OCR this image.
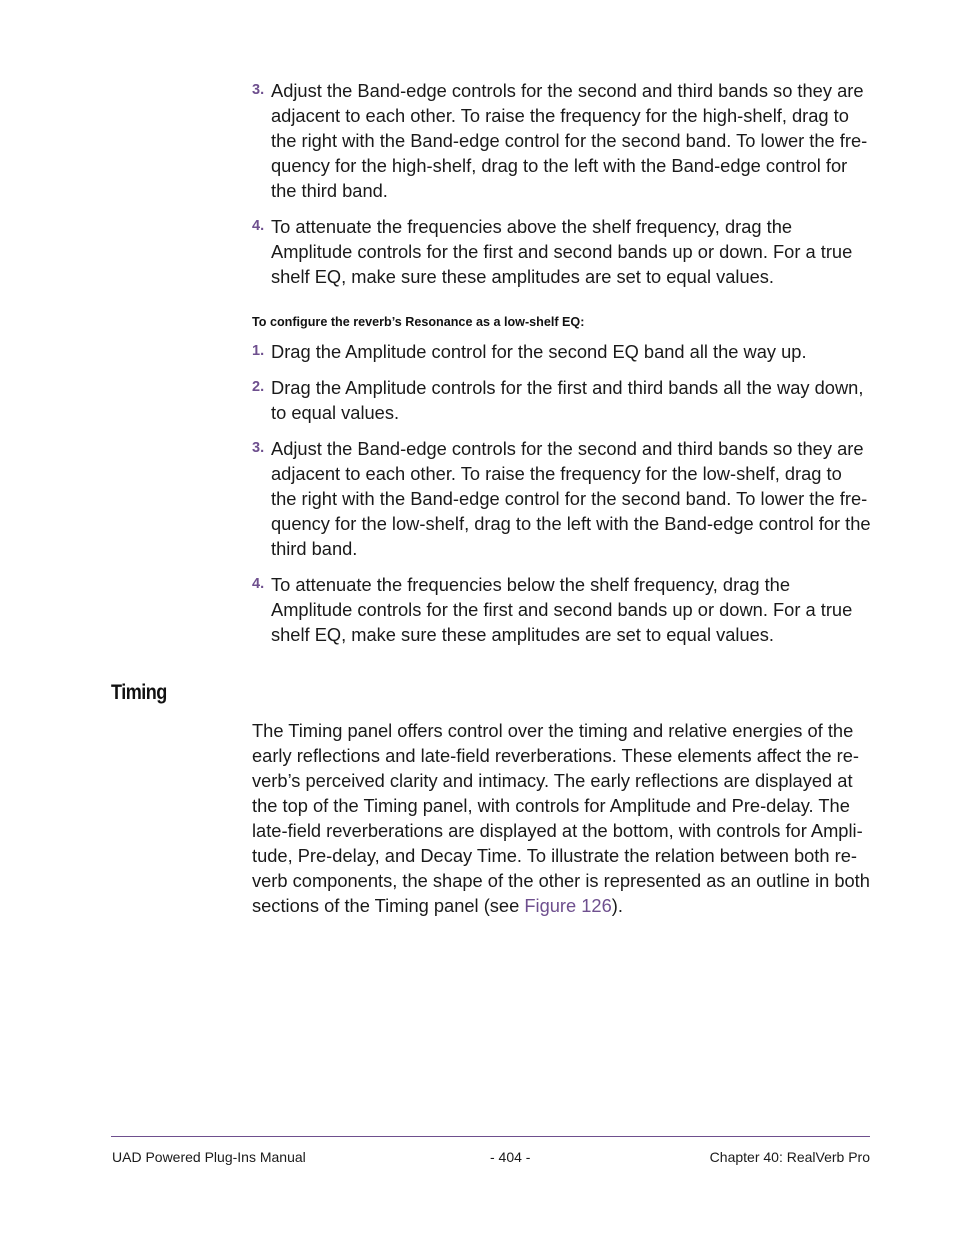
3. Adjust the Band-edge controls for the second and third bands so they are adjacent to each other. To raise the frequency for the high-shelf, drag to the right with the Band-edge control for the second band. To lower the fre-quency for the high-shelf, drag to the left with the Band-edge control for the third band.
4. To attenuate the frequencies above the shelf frequency, drag the Amplitude controls for the first and second bands up or down. For a true shelf EQ, make sure these amplitudes are set to equal values.
To configure the reverb’s Resonance as a low-shelf EQ:
1. Drag the Amplitude control for the second EQ band all the way up.
2. Drag the Amplitude controls for the first and third bands all the way down, to equal values.
3. Adjust the Band-edge controls for the second and third bands so they are adjacent to each other. To raise the frequency for the low-shelf, drag to the right with the Band-edge control for the second band. To lower the fre-quency for the low-shelf, drag to the left with the Band-edge control for the third band.
4. To attenuate the frequencies below the shelf frequency, drag the Amplitude controls for the first and second bands up or down. For a true shelf EQ, make sure these amplitudes are set to equal values.
Timing

The Timing panel offers control over the timing and relative energies of the early reflections and late-field reverberations. These elements affect the re-verb’s perceived clarity and intimacy. The early reflections are displayed at the top of the Timing panel, with controls for Amplitude and Pre-delay. The late-field reverberations are displayed at the bottom, with controls for Ampli-tude, Pre-delay, and Decay Time. To illustrate the relation between both re-verb components, the shape of the other is represented as an outline in both sections of the Timing panel (see Figure 126).

UAD Powered Plug-Ins Manual	- 404 -	Chapter 40: RealVerb Pro
